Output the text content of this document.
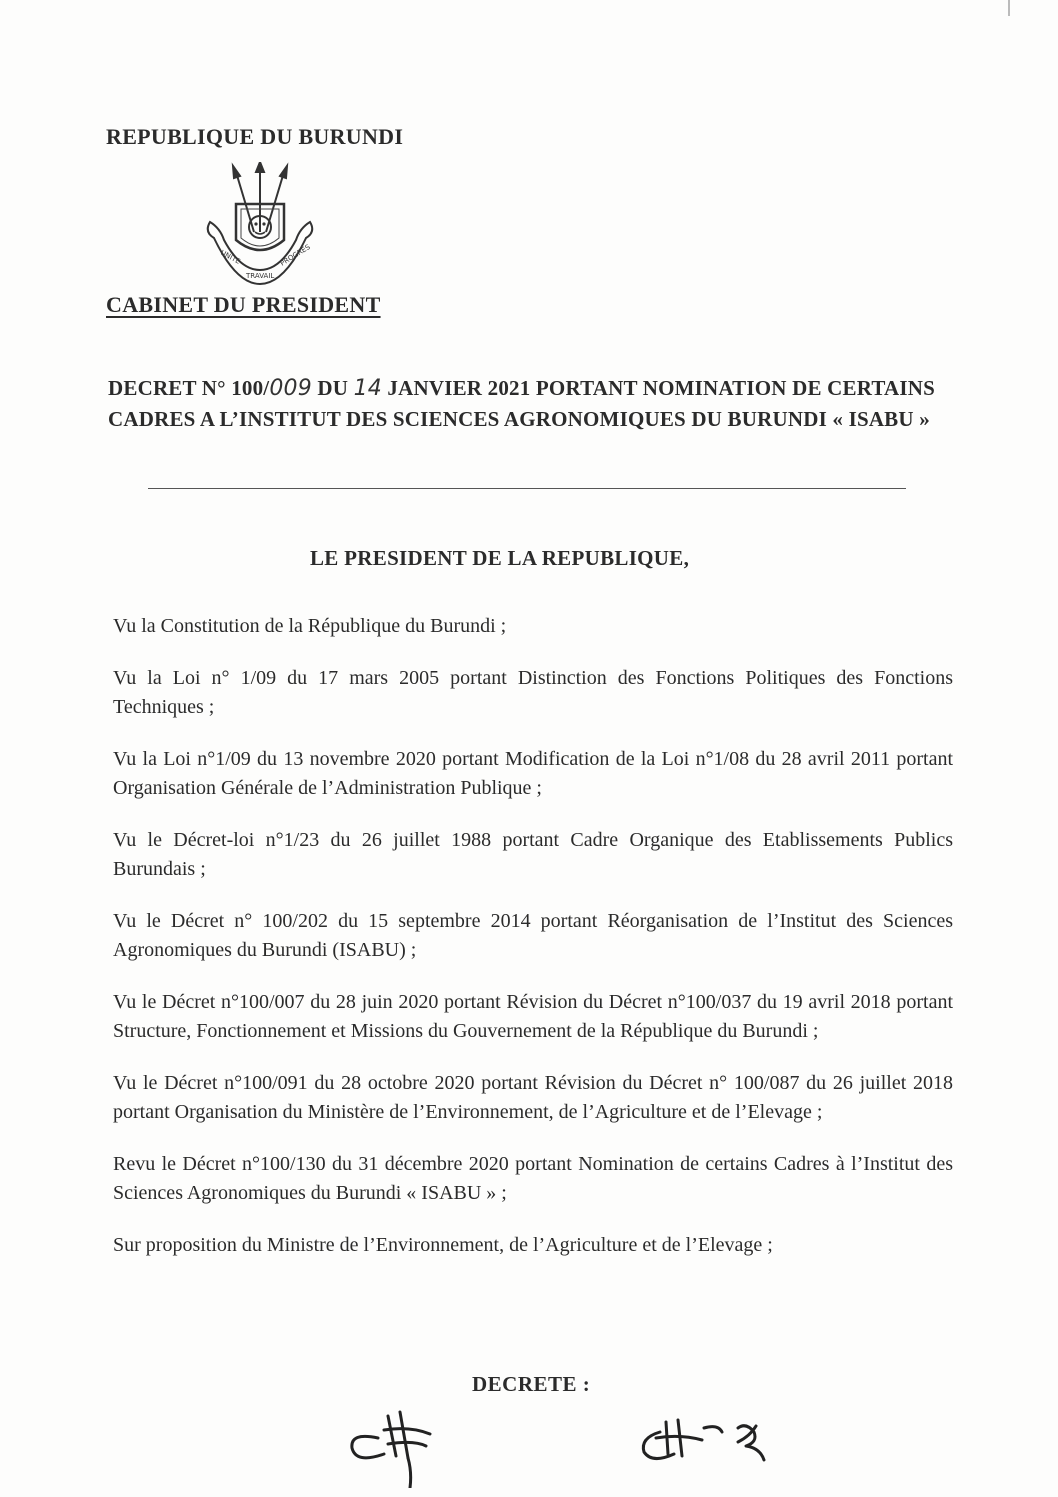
REPUBLIQUE DU BURUNDI
UNITE
TRAVAIL
PROGRES
CABINET DU PRESIDENT
DECRET N° 100/009 DU 14 JANVIER 2021 PORTANT NOMINATION DE CERTAINS CADRES A L’INSTITUT DES SCIENCES AGRONOMIQUES DU BURUNDI « ISABU »
LE PRESIDENT DE LA REPUBLIQUE,

Vu la Constitution de la République du Burundi ;

Vu la Loi n° 1/09 du 17 mars 2005 portant Distinction des Fonctions Politiques des Fonctions Techniques ;

Vu la Loi n°1/09 du 13 novembre 2020 portant Modification de la Loi n°1/08 du 28 avril 2011 portant Organisation Générale de l’Administration Publique ;

Vu le Décret-loi n°1/23 du 26 juillet 1988 portant Cadre Organique des Etablissements Publics Burundais ;

Vu le Décret n° 100/202 du 15 septembre 2014 portant Réorganisation de l’Institut des Sciences Agronomiques du Burundi (ISABU) ;

Vu le Décret n°100/007 du 28 juin 2020 portant Révision du Décret n°100/037 du 19 avril 2018 portant Structure, Fonctionnement et Missions du Gouvernement de la République du Burundi ;

Vu le Décret n°100/091 du 28 octobre 2020 portant Révision du Décret n° 100/087 du 26 juillet 2018 portant Organisation du Ministère de l’Environnement, de l’Agriculture et de l’Elevage ;

Revu le Décret n°100/130 du 31 décembre 2020 portant Nomination de certains Cadres à l’Institut des Sciences Agronomiques du Burundi « ISABU » ;

Sur proposition du Ministre de l’Environnement, de l’Agriculture et de l’Elevage ;

DECRETE :
